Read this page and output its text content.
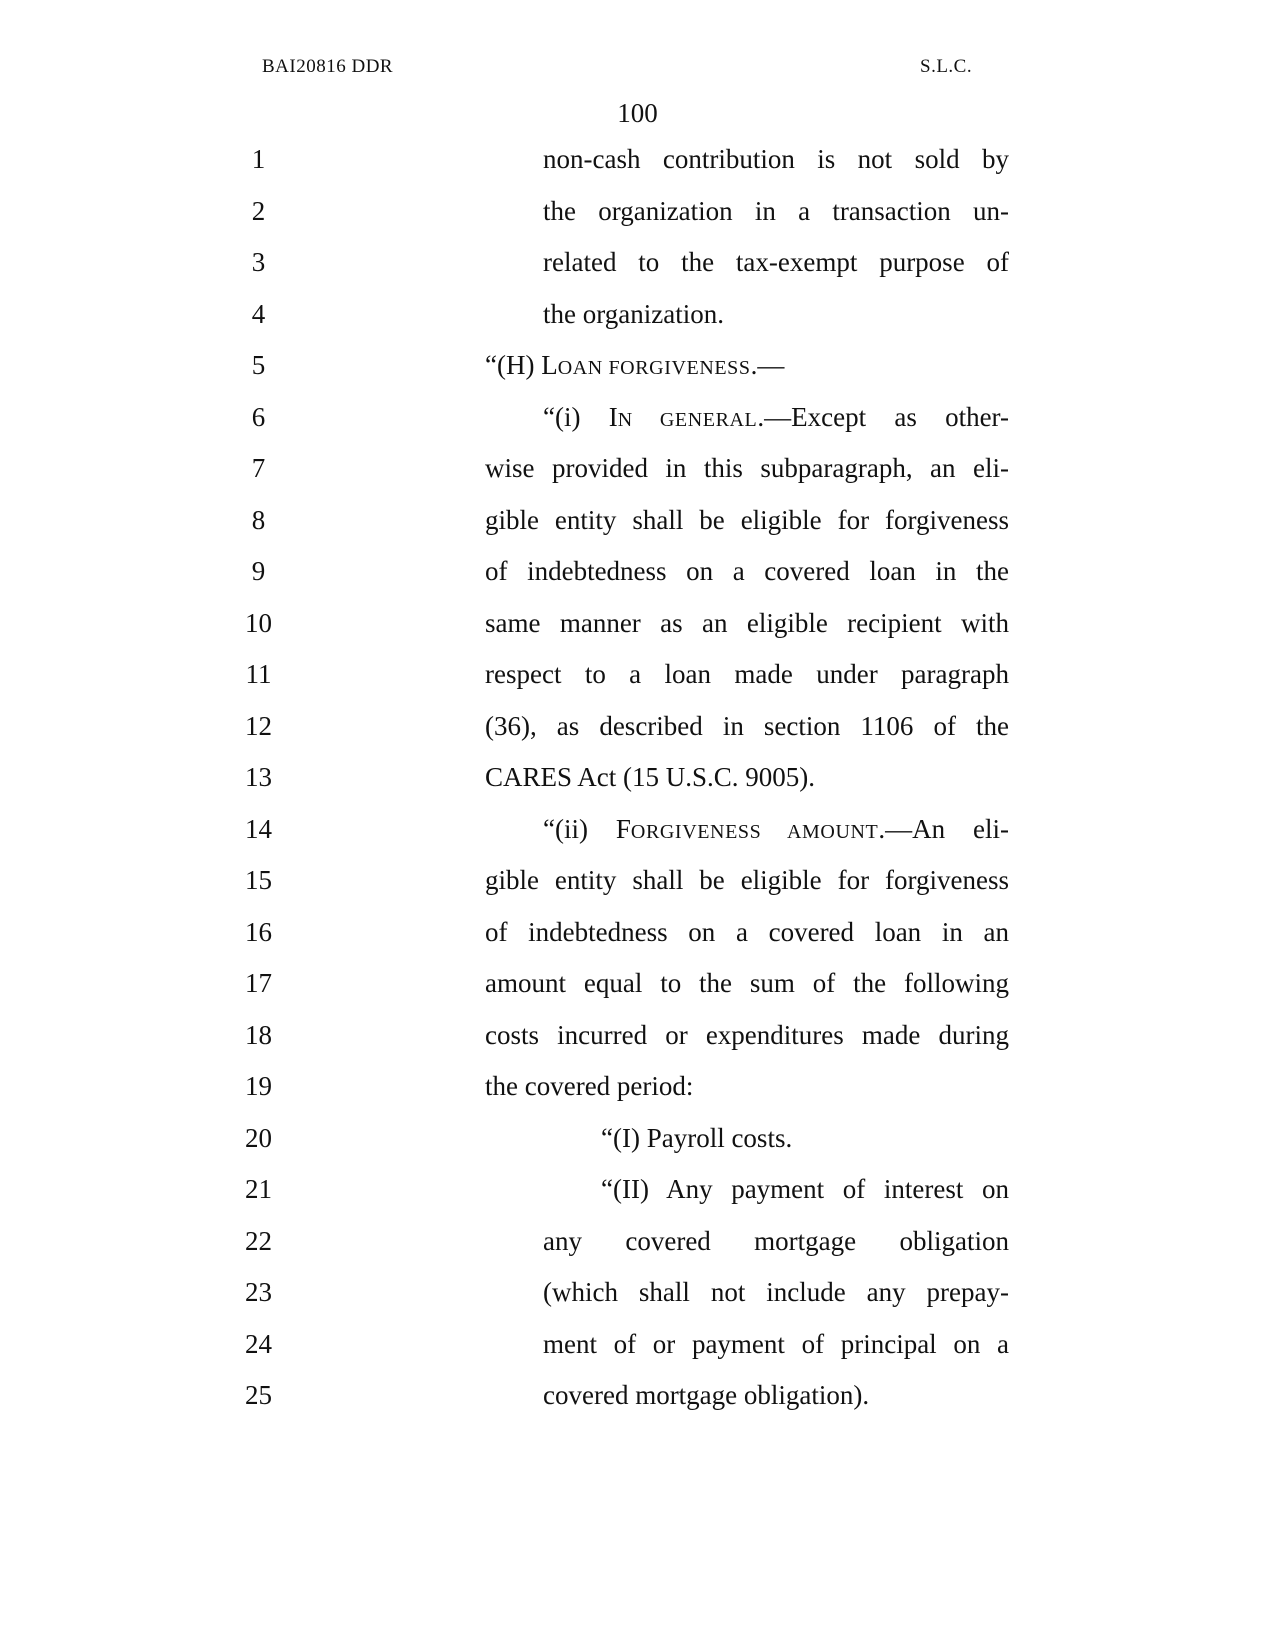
BAI20816 DDR	S.L.C.
100
1	non-cash contribution is not sold by
2	the organization in a transaction un-
3	related to the tax-exempt purpose of
4	the organization.
5	“(H) LOAN FORGIVENESS.—
6	“(i) IN GENERAL.—Except as other-
7	wise provided in this subparagraph, an eli-
8	gible entity shall be eligible for forgiveness
9	of indebtedness on a covered loan in the
10	same manner as an eligible recipient with
11	respect to a loan made under paragraph
12	(36), as described in section 1106 of the
13	CARES Act (15 U.S.C. 9005).
14	“(ii) FORGIVENESS AMOUNT.—An eli-
15	gible entity shall be eligible for forgiveness
16	of indebtedness on a covered loan in an
17	amount equal to the sum of the following
18	costs incurred or expenditures made during
19	the covered period:
20	“(I) Payroll costs.
21	“(II) Any payment of interest on
22	any covered mortgage obligation
23	(which shall not include any prepay-
24	ment of or payment of principal on a
25	covered mortgage obligation).
